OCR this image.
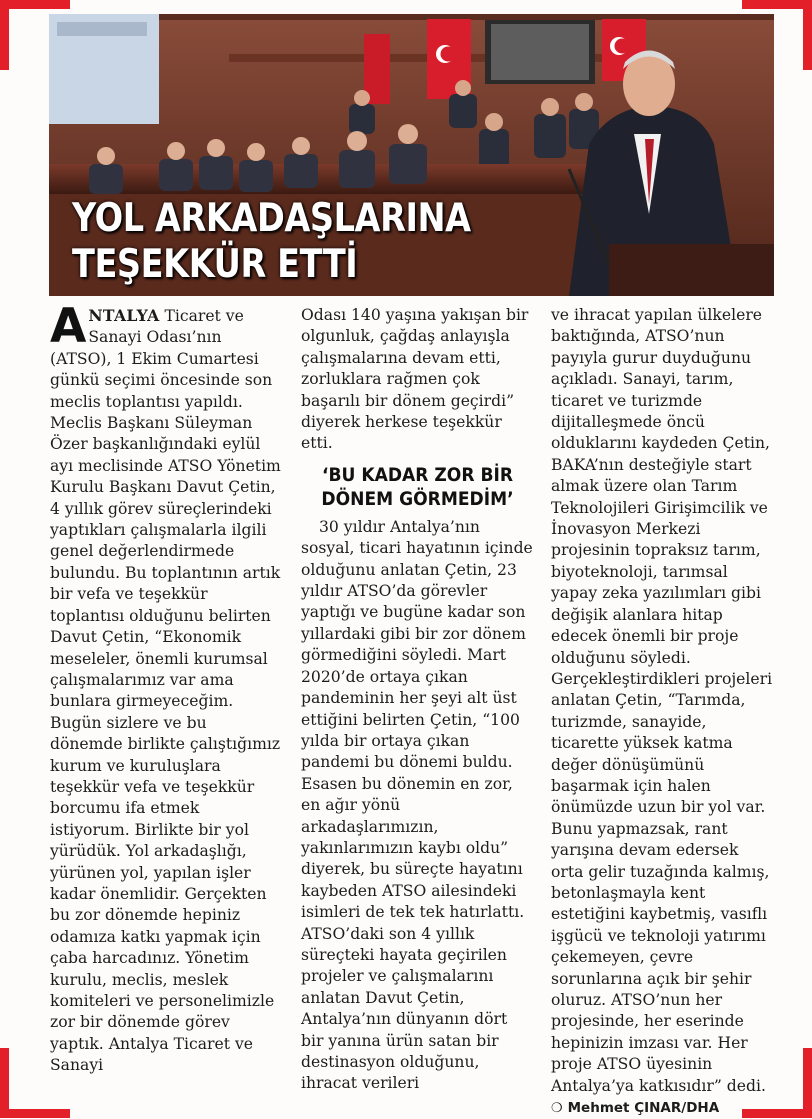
YOL ARKADAŞLARINA
TEŞEKKÜR ETTİ

ANTALYA Ticaret ve Sanayi Odası’nın (ATSO), 1 Ekim Cumartesi günkü seçimi öncesinde son meclis toplantısı yapıldı. Meclis Başkanı Süleyman Özer başkanlığındaki eylül ayı meclisinde ATSO Yönetim Kurulu Başkanı Davut Çetin, 4 yıllık görev süreçlerindeki yaptıkları çalışmalarla ilgili genel değerlendirmede bulundu. Bu toplantının artık bir vefa ve teşekkür toplantısı olduğunu belirten Davut Çetin, “Ekonomik meseleler, önemli kurumsal çalışmalarımız var ama bunlara girmeyeceğim. Bugün sizlere ve bu dönemde birlikte çalıştığımız kurum ve kuruluşlara teşekkür vefa ve teşekkür borcumu ifa etmek istiyorum. Birlikte bir yol yürüdük. Yol arkadaşlığı, yürünen yol, yapılan işler kadar önemlidir. Gerçekten bu zor dönemde hepiniz odamıza katkı yapmak için çaba harcadınız. Yönetim kurulu, meclis, meslek komiteleri ve personelimizle zor bir dönemde görev yaptık. Antalya Ticaret ve Sanayi

Odası 140 yaşına yakışan bir olgunluk, çağdaş anlayışla çalışmalarına devam etti, zorluklara rağmen çok başarılı bir dönem geçirdi” diyerek herkese teşekkür etti.

‘BU KADAR ZOR BİR
DÖNEM GÖRMEDİM’

30 yıldır Antalya’nın sosyal, ticari hayatının içinde olduğunu anlatan Çetin, 23 yıldır ATSO’da görevler yaptığı ve bugüne kadar son yıllardaki gibi bir zor dönem görmediğini söyledi. Mart 2020’de ortaya çıkan pandeminin her şeyi alt üst ettiğini belirten Çetin, “100 yılda bir ortaya çıkan pandemi bu dönemi buldu. Esasen bu dönemin en zor, en ağır yönü arkadaşlarımızın, yakınlarımızın kaybı oldu” diyerek, bu süreçte hayatını kaybeden ATSO ailesindeki isimleri de tek tek hatırlattı. ATSO’daki son 4 yıllık süreçteki hayata geçirilen projeler ve çalışmalarını anlatan Davut Çetin, Antalya’nın dünyanın dört bir yanına ürün satan bir destinasyon olduğunu, ihracat verileri

ve ihracat yapılan ülkelere baktığında, ATSO’nun payıyla gurur duyduğunu açıkladı. Sanayi, tarım, ticaret ve turizmde dijitalleşmede öncü olduklarını kaydeden Çetin, BAKA’nın desteğiyle start almak üzere olan Tarım Teknolojileri Girişimcilik ve İnovasyon Merkezi projesinin topraksız tarım, biyoteknoloji, tarımsal yapay zeka yazılımları gibi değişik alanlara hitap edecek önemli bir proje olduğunu söyledi. Gerçekleştirdikleri projeleri anlatan Çetin, “Tarımda, turizmde, sanayide, ticarette yüksek katma değer dönüşümünü başarmak için halen önümüzde uzun bir yol var. Bunu yapmazsak, rant yarışına devam edersek orta gelir tuzağında kalmış, betonlaşmayla kent estetiğini kaybetmiş, vasıflı işgücü ve teknoloji yatırımı çekemeyen, çevre sorunlarına açık bir şehir oluruz. ATSO’nun her projesinde, her eserinde hepinizin imzası var. Her proje ATSO üyesinin Antalya’ya katkısıdır” dedi. ❍ Mehmet ÇINAR/DHA
